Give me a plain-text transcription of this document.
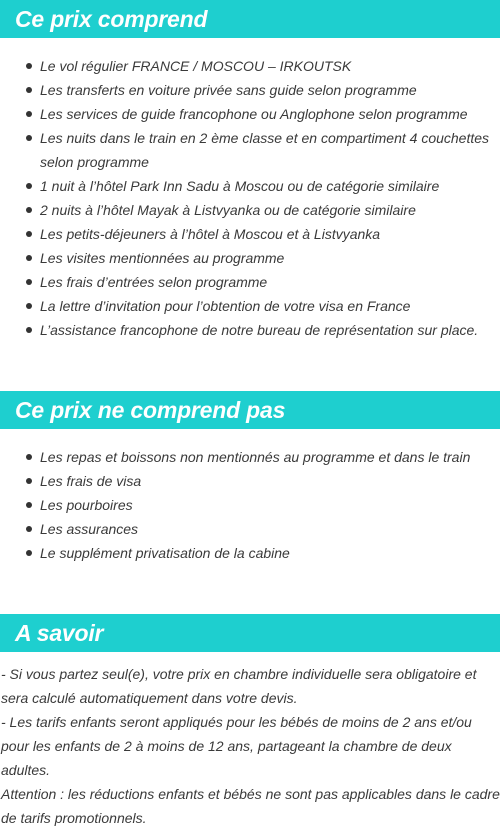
Ce prix comprend
Le vol régulier FRANCE / MOSCOU – IRKOUTSK
Les transferts en voiture privée sans guide selon programme
Les services de guide francophone ou Anglophone selon programme
Les nuits dans le train en 2 ème classe et en compartiment 4 couchettes selon programme
1 nuit à l’hôtel Park Inn Sadu à Moscou ou de catégorie similaire
2 nuits à l’hôtel Mayak à Listvyanka ou de catégorie similaire
Les petits-déjeuners à l’hôtel à Moscou et à Listvyanka
Les visites mentionnées au programme
Les frais d’entrées selon programme
La lettre d’invitation pour l’obtention de votre visa en France
L’assistance francophone de notre bureau de représentation sur place.
Ce prix ne comprend pas
Les repas et boissons non mentionnés au programme et dans le train
Les frais de visa
Les pourboires
Les assurances
Le supplément privatisation de la cabine
A savoir

- Si vous partez seul(e), votre prix en chambre individuelle sera obligatoire et sera calculé automatiquement dans votre devis.

- Les tarifs enfants seront appliqués pour les bébés de moins de 2 ans et/ou pour les enfants de 2 à moins de 12 ans, partageant la chambre de deux adultes.

Attention : les réductions enfants et bébés ne sont pas applicables dans le cadre de tarifs promotionnels.
